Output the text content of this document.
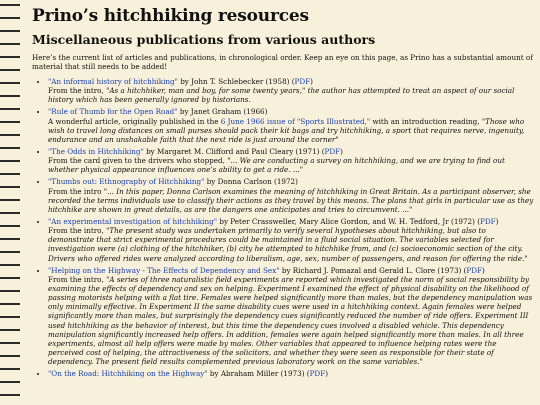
Prino’s hitchhiking resources
Miscellaneous publications from various authors

Here’s the current list of articles and publications, in chronological order. Keep an eye on this page, as Prino has a substantial amount of material that still needs to be added!

• "An informal history of hitchhiking" by John T. Schlebecker (1958) (PDF)
From the intro, "As a hitchhiker, man and boy, for some twenty years," the author has attempted to treat an aspect of our social history which has been generally ignored by historians.
• "Rule of Thumb for the Open Road" by Janet Graham (1966)
A wonderful article, originally published in the 6 June 1966 issue of "Sports Illustrated," with an introduction reading, "Those who wish to travel long distances on small purses should pack their kit bags and try hitchhiking, a sport that requires nerve, ingenuity, endurance and an unshakable faith that the next ride is just around the corner"
• "The Odds in Hitchhiking" by Margaret M. Clifford and Paul Cleary (1971) (PDF)
From the card given to the drivers who stopped, "... We are conducting a survey on hitchhiking, and we are trying to find out whether physical appearance influences one’s ability to get a ride. ..."
• "Thumbs out: Ethnography of Hitchhiking" by Donna Carlson (1972)
From the intro "... In this paper, Donna Carlson examines the meaning of hitchhiking in Great Britain. As a participant observer, she recorded the terms individuals use to classify their actions as they travel by this means. The plans that girls in particular use as they hitchhike are shown in great details, as are the dangers one anticipates and tries to circumvent. ..."
• "An experimental investigation of hitchhiking" by Peter Crassweller, Mary Alice Gordon, and W. H. Tedford, Jr (1972) (PDF)
From the intro, "The present study was undertaken primarily to verify several hypotheses about hitchhiking, but also to demonstrate that strict experimental procedures could be maintained in a fluid social situation. The variables selected for investigation were (a) clothing of the hitchhiker, (b) city he attempted to hitchhike from, and (c) socioeconomic section of the city. Drivers who offered rides were analyzed according to liberalism, age, sex, number of passengers, and reason for offering the ride."
• "Helping on the Highway - The Effects of Dependency and Sex" by Richard J. Pomazal and Gerald L. Clore (1973) (PDF)
From the intro, "A series of three naturalistic field experiments are reported which investigated the norm of social responsibility by examining the effects of dependency and sex on helping. Experiment I examined the effect of physical disability on the likelihood of passing motorists helping with a flat tire. Females were helped significantly more than males, but the dependency manipulation was only minimally effective. In Experiment II the same disability cues were used in a hitchhiking context. Again females were helped significantly more than males, but surprisingly the dependency cues significantly reduced the number of ride offers. Experiment III used hitchhiking as the behavior of interest, but this time the dependency cues involved a disabled vehicle. This dependency manipulation significantly increased help offers. In addition, females were again helped significantly more than males. In all three experiments, almost all help offers were made by males. Other variables that appeared to influence helping rates were the perceived cost of helping, the attractiveness of the solicitors, and whether they were seen as responsible for their state of dependency. The present field results complemented previous laboratory work on the same variables."
• "On the Road: Hitchhiking on the Highway" by Abraham Miller (1973) (PDF)
